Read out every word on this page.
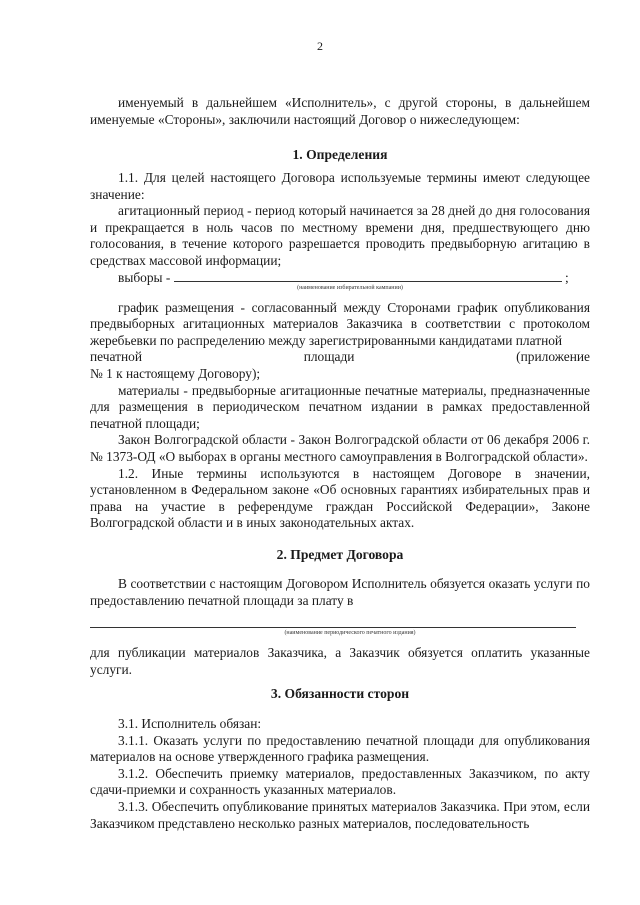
2

именуемый в дальнейшем «Исполнитель», с другой стороны, в дальнейшем именуемые «Стороны», заключили настоящий Договор о нижеследующем:

1. Определения

1.1. Для целей настоящего Договора используемые термины имеют следующее значение:

агитационный период - период который начинается за 28 дней до дня голосования и прекращается в ноль часов по местному времени дня, предшествующего дню голосования, в течение которого разрешается проводить предвыборную агитацию в средствах массовой информации;

выборы -	;
(наименование избирательной кампании)

график размещения - согласованный между Сторонами график опубликования предвыборных агитационных материалов Заказчика в соответствии с протоколом жеребьевки по распределению между зарегистрированными кандидатами платной

печатной	площади	(приложение

№ 1 к настоящему Договору);

материалы - предвыборные агитационные печатные материалы, предназначенные для размещения в периодическом печатном издании в рамках предоставленной печатной площади;

Закон Волгоградской области - Закон Волгоградской области от 06 декабря 2006 г. № 1373-ОД «О выборах в органы местного самоуправления в Волгоградской области».

1.2. Иные термины используются в настоящем Договоре в значении, установленном в Федеральном законе «Об основных гарантиях избирательных прав и права на участие в референдуме граждан Российской Федерации», Законе Волгоградской области и в иных законодательных актах.

2. Предмет Договора

В соответствии с настоящим Договором Исполнитель обязуется оказать услуги по предоставлению печатной площади за плату в

(наименование периодического печатного издания)

для публикации материалов Заказчика, а Заказчик обязуется оплатить указанные услуги.

3. Обязанности сторон

3.1. Исполнитель обязан:

3.1.1. Оказать услуги по предоставлению печатной площади для опубликования материалов на основе утвержденного графика размещения.

3.1.2. Обеспечить приемку материалов, предоставленных Заказчиком, по акту сдачи-приемки и сохранность указанных материалов.

3.1.3. Обеспечить опубликование принятых материалов Заказчика. При этом, если Заказчиком представлено несколько разных материалов, последовательность
